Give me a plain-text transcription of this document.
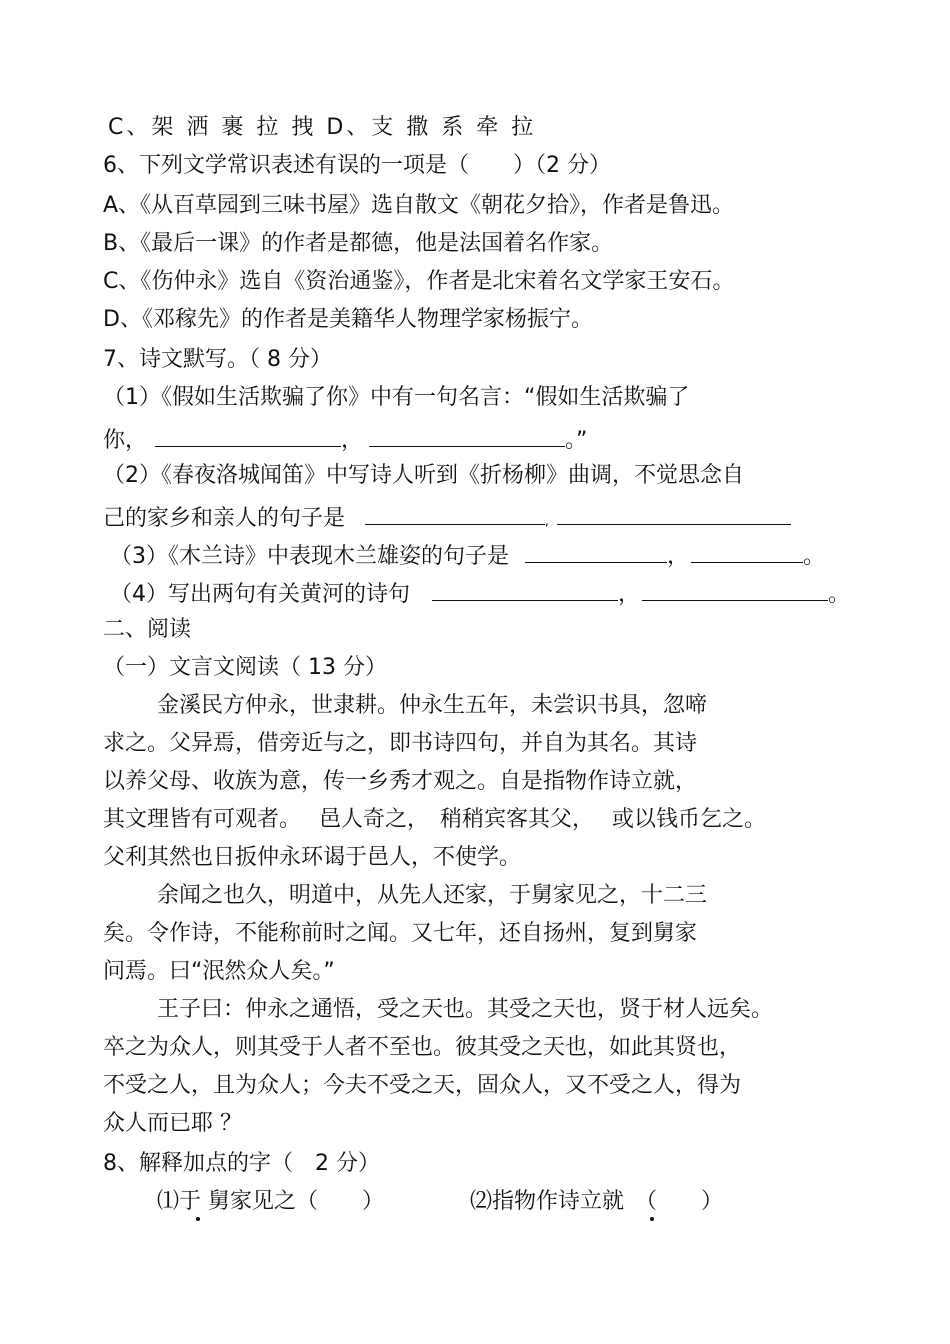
C、架 洒 裹 拉 拽 D、支 撒 系 牵 拉

6、下列文学常识表述有误的一项是（　　）（2 分）

A、《从百草园到三味书屋》选自散文《朝花夕拾》，作者是鲁迅。

B、《最后一课》的作者是都德，他是法国着名作家。

C、《伤仲永》选自《资治通鉴》，作者是北宋着名文学家王安石。

D、《邓稼先》的作者是美籍华人物理学家杨振宁。

7、诗文默写。（ 8 分）

（1）《假如生活欺骗了你》中有一句名言：“假如生活欺骗了

你，	，	。”

（2）《春夜洛城闻笛》中写诗人听到《折杨柳》曲调，不觉思念自

己的家乡和亲人的句子是	,

（3）《木兰诗》中表现木兰雄姿的句子是	，	。

（4）写出两句有关黄河的诗句	，	。

二、阅读

（一）文言文阅读（ 13 分）

金溪民方仲永，世隶耕。仲永生五年，未尝识书具，忽啼

求之。父异焉，借旁近与之，即书诗四句，并自为其名。其诗

以养父母、收族为意，传一乡秀才观之。自是指物作诗立就，

其文理皆有可观者。　 邑人奇之，　稍稍宾客其父，　 或以钱币乞之。

父利其然也日扳仲永环谒于邑人，不使学。

余闻之也久，明道中，从先人还家，于舅家见之，十二三

矣。令作诗，不能称前时之闻。又七年，还自扬州，复到舅家

问焉。曰“泯然众人矣。”

王子曰：仲永之通悟，受之天也。其受之天也，贤于材人远矣。

卒之为众人，则其受于人者不至也。彼其受之天也，如此其贤也，

不受之人，且为众人；今夫不受之天，固众人，又不受之人，得为

众人而已耶 ？

8、解释加点的字（　2 分）

⑴于 舅家见之（　　）	⑵指物作诗立就　（　　）
